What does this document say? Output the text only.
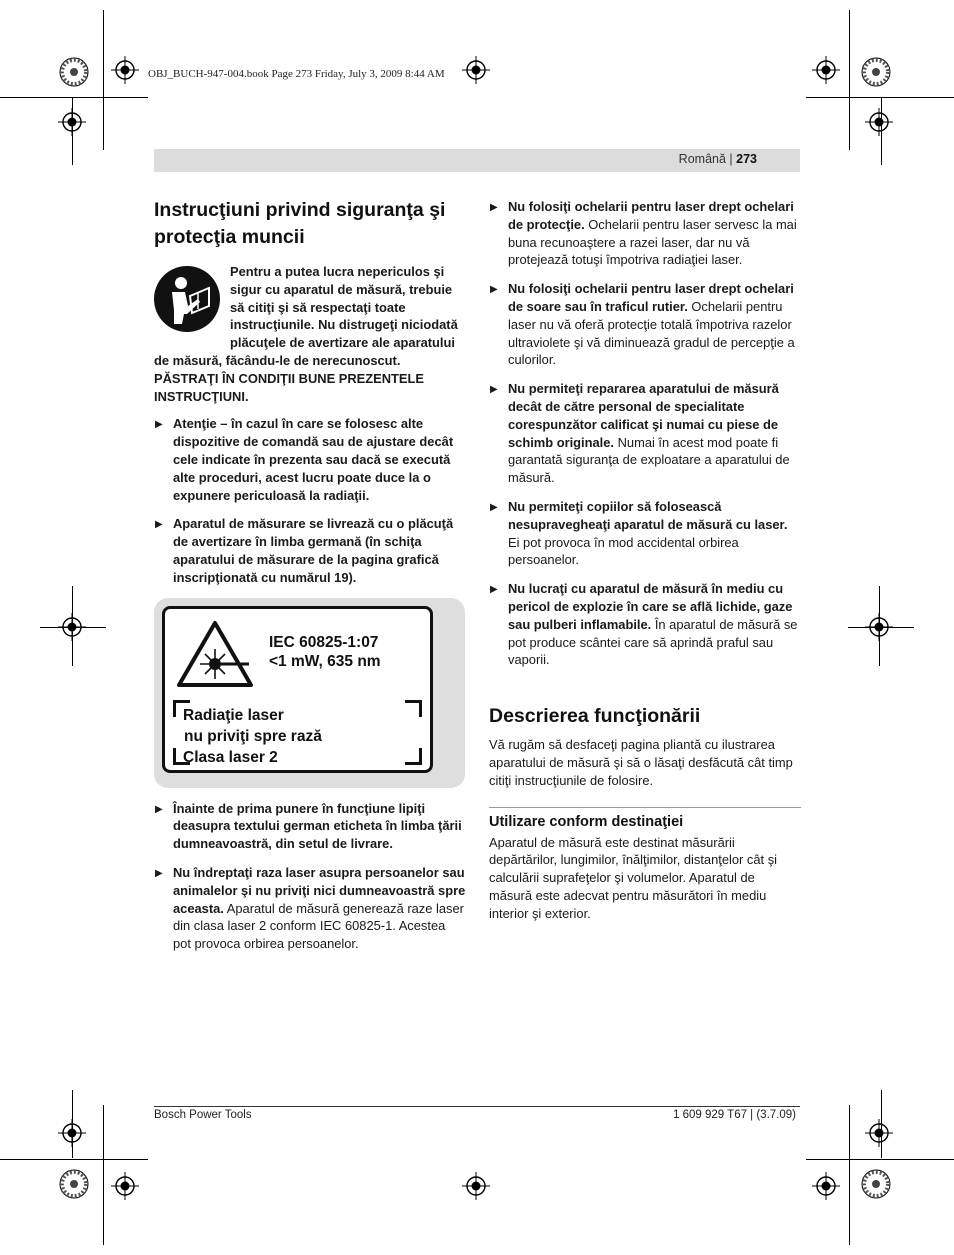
OBJ_BUCH-947-004.book Page 273 Friday, July 3, 2009 8:44 AM
Română | 273
Instrucţiuni privind siguranţa şi protecţia muncii
Pentru a putea lucra nepericulos şi sigur cu aparatul de măsură, trebuie să citiţi şi să respectaţi toate instrucţiunile. Nu distrugeţi niciodată plăcuţele de avertizare ale aparatului de măsură, făcându-le de nerecunoscut. PĂSTRAŢI ÎN CONDIŢII BUNE PREZENTELE INSTRUCŢIUNI.
▶ Atenţie – în cazul în care se folosesc alte dispozitive de comandă sau de ajustare decât cele indicate în prezenta sau dacă se execută alte proceduri, acest lucru poate duce la o expunere periculoasă la radiaţii.
▶ Aparatul de măsurare se livrează cu o plăcuţă de avertizare în limba germană (în schiţa aparatului de măsurare de la pagina grafică inscripţionată cu numărul 19).
IEC 60825-1:07
<1 mW, 635 nm
Radiaţie laser
nu priviţi spre rază
Clasa laser 2
▶ Înainte de prima punere în funcţiune lipiţi deasupra textului german eticheta în limba ţării dumneavoastră, din setul de livrare.
▶ Nu îndreptaţi raza laser asupra persoanelor sau animalelor şi nu priviţi nici dumneavoastră spre aceasta. Aparatul de măsură generează raze laser din clasa laser 2 conform IEC 60825-1. Acestea pot provoca orbirea persoanelor.
▶ Nu folosiţi ochelarii pentru laser drept ochelari de protecţie. Ochelarii pentru laser servesc la mai buna recunoaştere a razei laser, dar nu vă protejează totuşi împotriva radiaţiei laser.
▶ Nu folosiţi ochelarii pentru laser drept ochelari de soare sau în traficul rutier. Ochelarii pentru laser nu vă oferă protecţie totală împotriva razelor ultraviolete şi vă diminuează gradul de percepţie a culorilor.
▶ Nu permiteţi repararea aparatului de măsură decât de către personal de specialitate corespunzător calificat şi numai cu piese de schimb originale. Numai în acest mod poate fi garantată siguranţa de exploatare a aparatului de măsură.
▶ Nu permiteţi copiilor să folosească nesupravegheaţi aparatul de măsură cu laser. Ei pot provoca în mod accidental orbirea persoanelor.
▶ Nu lucraţi cu aparatul de măsură în mediu cu pericol de explozie în care se află lichide, gaze sau pulberi inflamabile. În aparatul de măsură se pot produce scântei care să aprindă praful sau vaporii.
Descrierea funcţionării
Vă rugăm să desfaceţi pagina pliantă cu ilustrarea aparatului de măsură şi să o lăsaţi desfăcută cât timp citiţi instrucţiunile de folosire.
Utilizare conform destinaţiei
Aparatul de măsură este destinat măsurării depărtărilor, lungimilor, înălţimilor, distanţelor cât şi calculării suprafeţelor şi volumelor. Aparatul de măsură este adecvat pentru măsurători în mediu interior şi exterior.
Bosch Power Tools	1 609 929 T67 | (3.7.09)
